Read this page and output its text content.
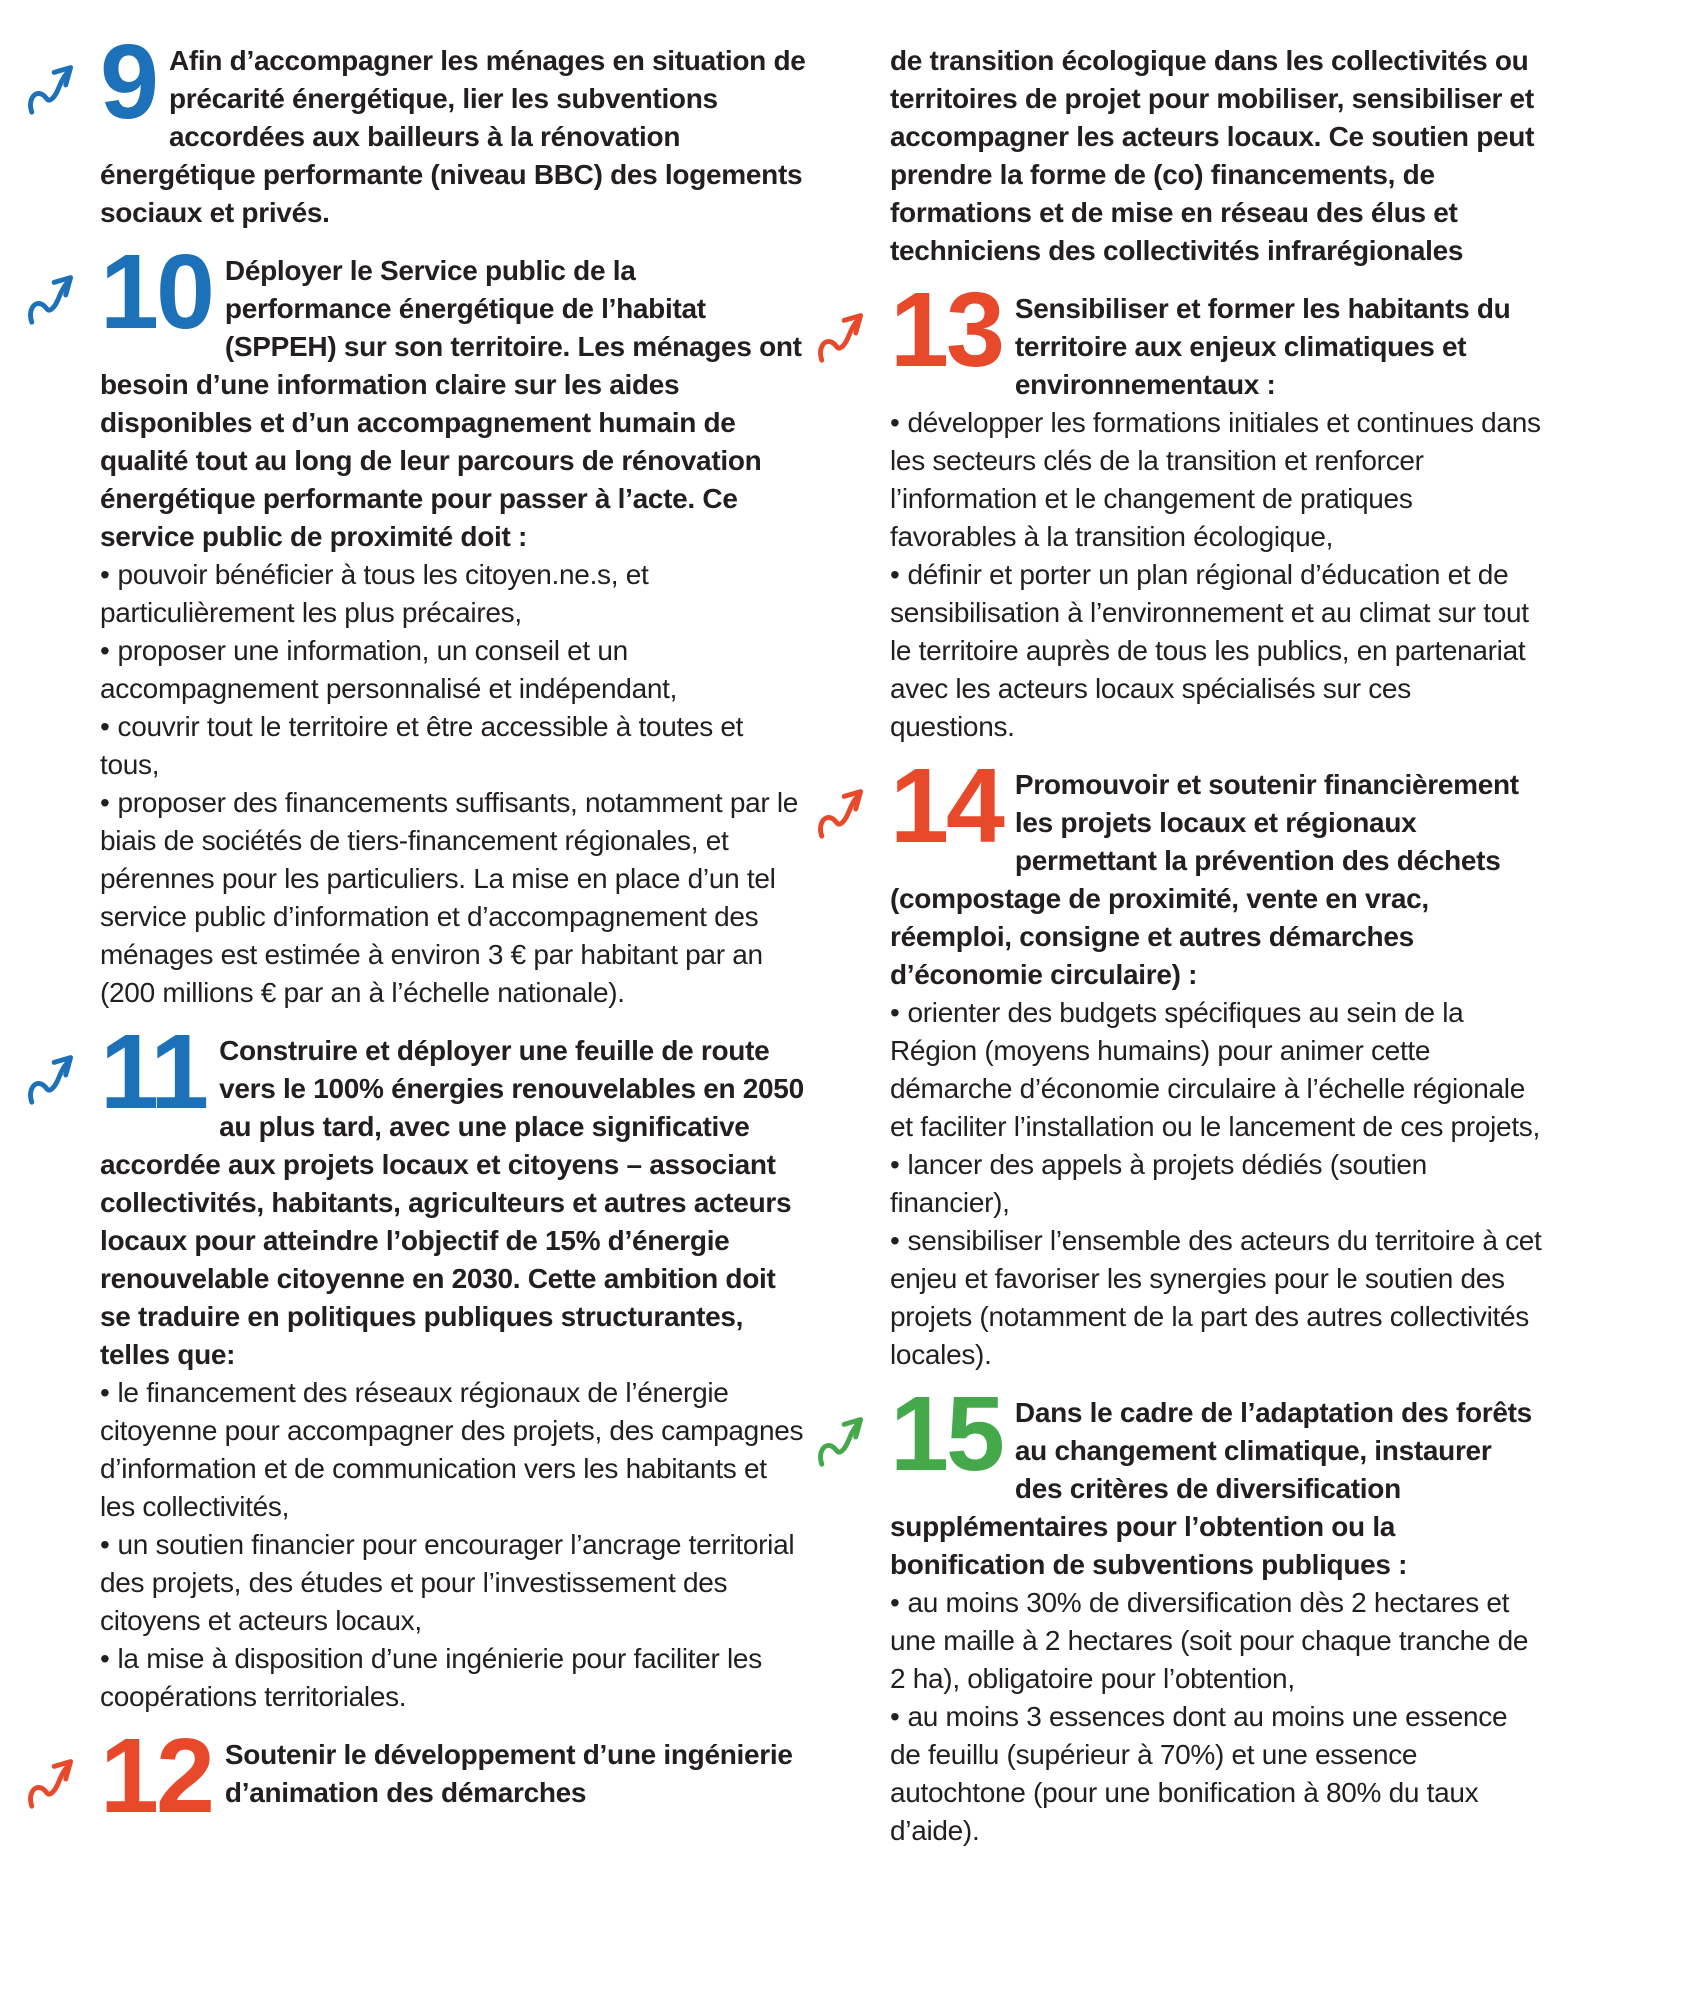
9 Afin d’accompagner les ménages en situation de précarité énergétique, lier les subventions accordées aux bailleurs à la rénovation énergétique performante (niveau BBC) des logements sociaux et privés.

10 Déployer le Service public de la performance énergétique de l’habitat (SPPEH) sur son territoire. Les ménages ont besoin d’une information claire sur les aides disponibles et d’un accompagnement humain de qualité tout au long de leur parcours de rénovation énergétique performante pour passer à l’acte. Ce service public de proximité doit :

• pouvoir bénéficier à tous les citoyen.ne.s, et particulièrement les plus précaires,

• proposer une information, un conseil et un accompagnement personnalisé et indépendant,

• couvrir tout le territoire et être accessible à toutes et tous,

• proposer des financements suffisants, notamment par le biais de sociétés de tiers-financement régionales, et pérennes pour les particuliers. La mise en place d’un tel service public d’information et d’accompagnement des ménages est estimée à environ 3 € par habitant par an (200 millions € par an à l’échelle nationale).

11 Construire et déployer une feuille de route vers le 100% énergies renouvelables en 2050 au plus tard, avec une place significative accordée aux projets locaux et citoyens – associant collectivités, habitants, agriculteurs et autres acteurs locaux pour atteindre l’objectif de 15% d’énergie renouvelable citoyenne en 2030. Cette ambition doit se traduire en politiques publiques structurantes, telles que:

• le financement des réseaux régionaux de l’énergie citoyenne pour accompagner des projets, des campagnes d’information et de communication vers les habitants et les collectivités,

• un soutien financier pour encourager l’ancrage territorial des projets, des études et pour l’investissement des citoyens et acteurs locaux,

• la mise à disposition d’une ingénierie pour faciliter les coopérations territoriales.

12 Soutenir le développement d’une ingénierie d’animation des démarches

de transition écologique dans les collectivités ou territoires de projet pour mobiliser, sensibiliser et accompagner les acteurs locaux. Ce soutien peut prendre la forme de (co) financements, de formations et de mise en réseau des élus et techniciens des collectivités infrarégionales

13 Sensibiliser et former les habitants du territoire aux enjeux climatiques et environnementaux :

• développer les formations initiales et continues dans les secteurs clés de la transition et renforcer l’information et le changement de pratiques favorables à la transition écologique,

• définir et porter un plan régional d’éducation et de sensibilisation à l’environnement et au climat sur tout le territoire auprès de tous les publics, en partenariat avec les acteurs locaux spécialisés sur ces questions.

14 Promouvoir et soutenir financièrement les projets locaux et régionaux permettant la prévention des déchets (compostage de proximité, vente en vrac, réemploi, consigne et autres démarches d’économie circulaire) :

• orienter des budgets spécifiques au sein de la Région (moyens humains) pour animer cette démarche d’économie circulaire à l’échelle régionale et faciliter l’installation ou le lancement de ces projets,

• lancer des appels à projets dédiés (soutien financier),

• sensibiliser l’ensemble des acteurs du territoire à cet enjeu et favoriser les synergies pour le soutien des projets (notamment de la part des autres collectivités locales).

15 Dans le cadre de l’adaptation des forêts au changement climatique, instaurer des critères de diversification supplémentaires pour l’obtention ou la bonification de subventions publiques :

• au moins 30% de diversification dès 2 hectares et une maille à 2 hectares (soit pour chaque tranche de 2 ha), obligatoire pour l’obtention,

• au moins 3 essences dont au moins une essence de feuillu (supérieur à 70%) et une essence autochtone (pour une bonification à 80% du taux d’aide).
